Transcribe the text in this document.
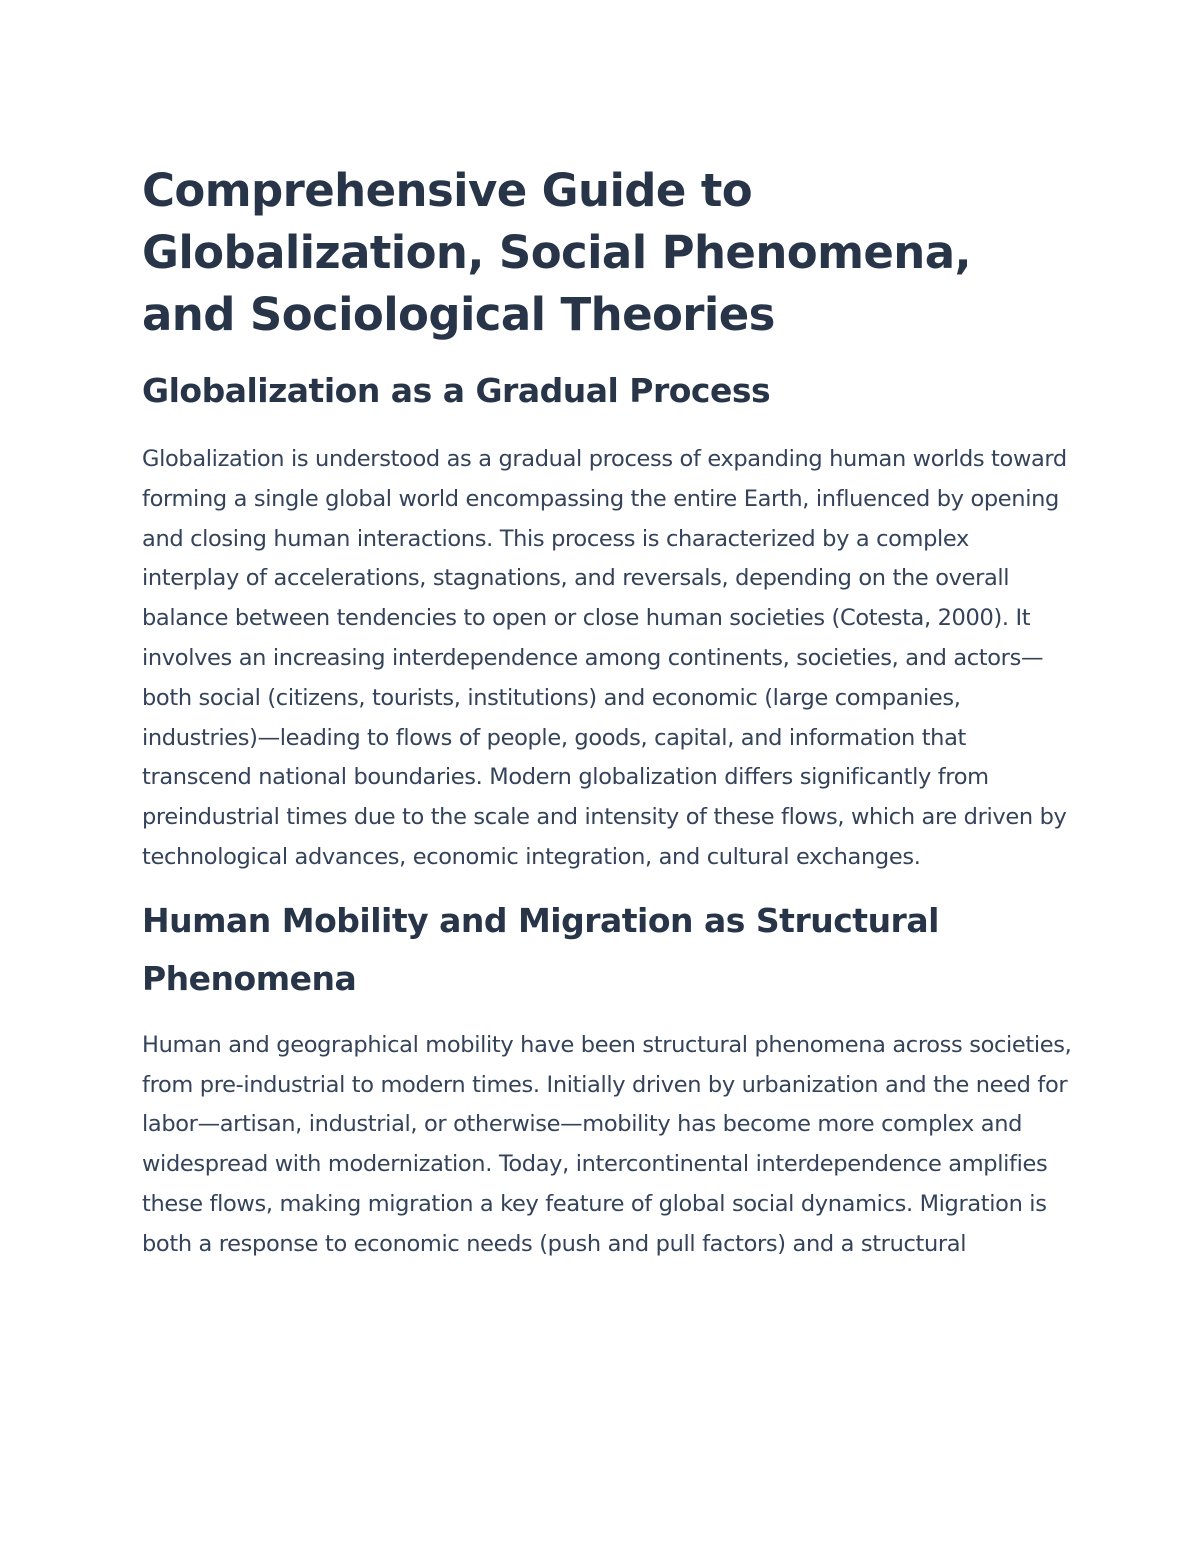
Comprehensive Guide to Globalization, Social Phenomena, and Sociological Theories
Globalization as a Gradual Process

Globalization is understood as a gradual process of expanding human worlds toward forming a single global world encompassing the entire Earth, influenced by opening and closing human interactions. This process is characterized by a complex interplay of accelerations, stagnations, and reversals, depending on the overall balance between tendencies to open or close human societies (Cotesta, 2000). It involves an increasing interdependence among continents, societies, and actors—both social (citizens, tourists, institutions) and economic (large companies, industries)—leading to flows of people, goods, capital, and information that transcend national boundaries. Modern globalization differs significantly from preindustrial times due to the scale and intensity of these flows, which are driven by technological advances, economic integration, and cultural exchanges.

Human Mobility and Migration as Structural Phenomena

Human and geographical mobility have been structural phenomena across societies, from pre-industrial to modern times. Initially driven by urbanization and the need for labor—artisan, industrial, or otherwise—mobility has become more complex and widespread with modernization. Today, intercontinental interdependence amplifies these flows, making migration a key feature of global social dynamics. Migration is both a response to economic needs (push and pull factors) and a structural
